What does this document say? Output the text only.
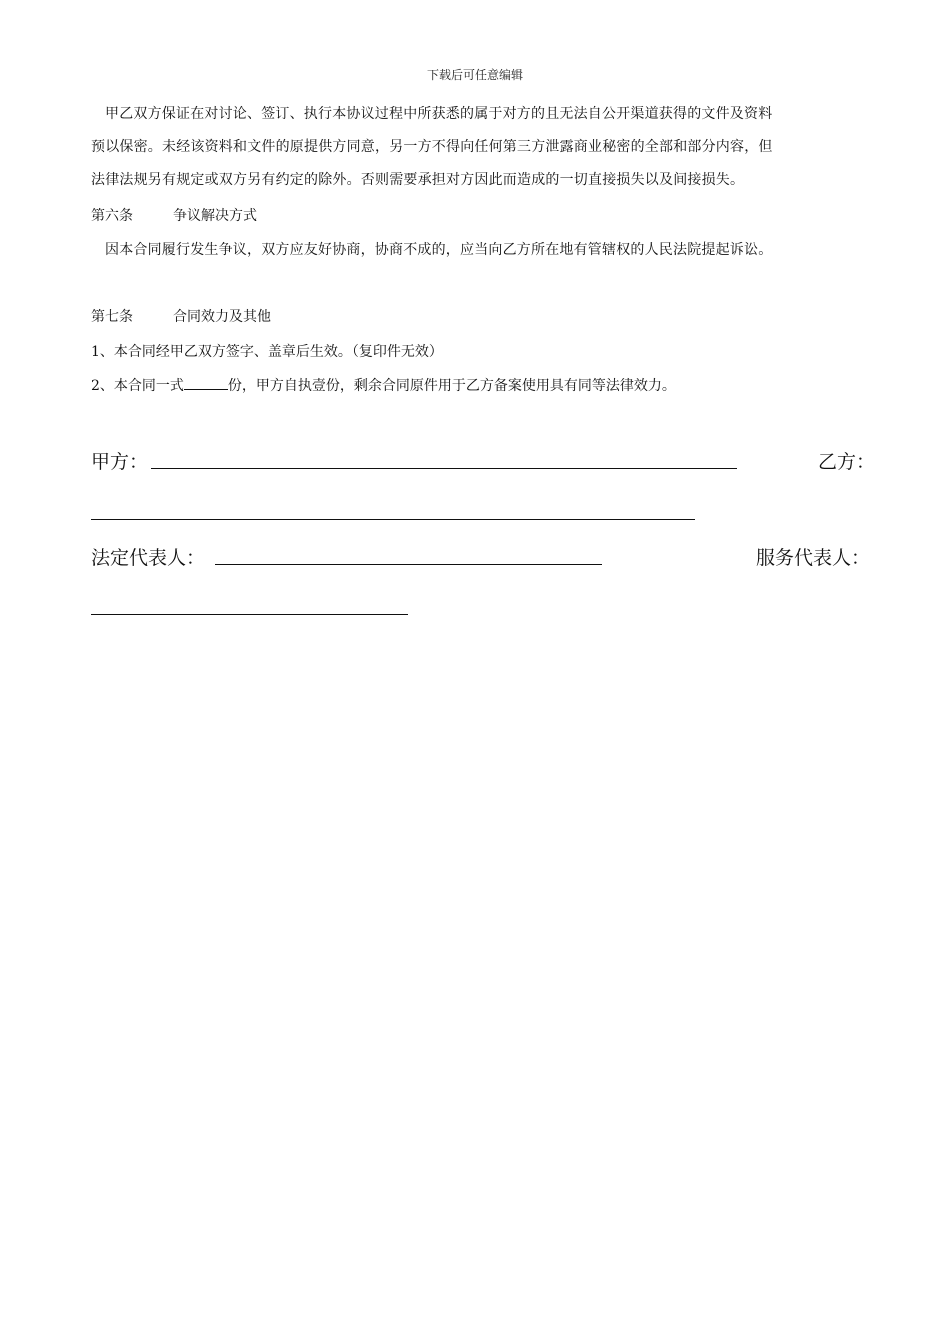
下载后可任意编辑
甲乙双方保证在对讨论、签订、执行本协议过程中所获悉的属于对方的且无法自公开渠道获得的文件及资料
预以保密。未经该资料和文件的原提供方同意，另一方不得向任何第三方泄露商业秘密的全部和部分内容，但
法律法规另有规定或双方另有约定的除外。否则需要承担对方因此而造成的一切直接损失以及间接损失。
第六条	争议解决方式
因本合同履行发生争议，双方应友好协商，协商不成的，应当向乙方所在地有管辖权的人民法院提起诉讼。
第七条	合同效力及其他
1、本合同经甲乙双方签字、盖章后生效。（复印件无效）
2、本合同一式	份，甲方自执壹份，剩余合同原件用于乙方备案使用具有同等法律效力。
甲方：	乙方：
法定代表人：	服务代表人：
